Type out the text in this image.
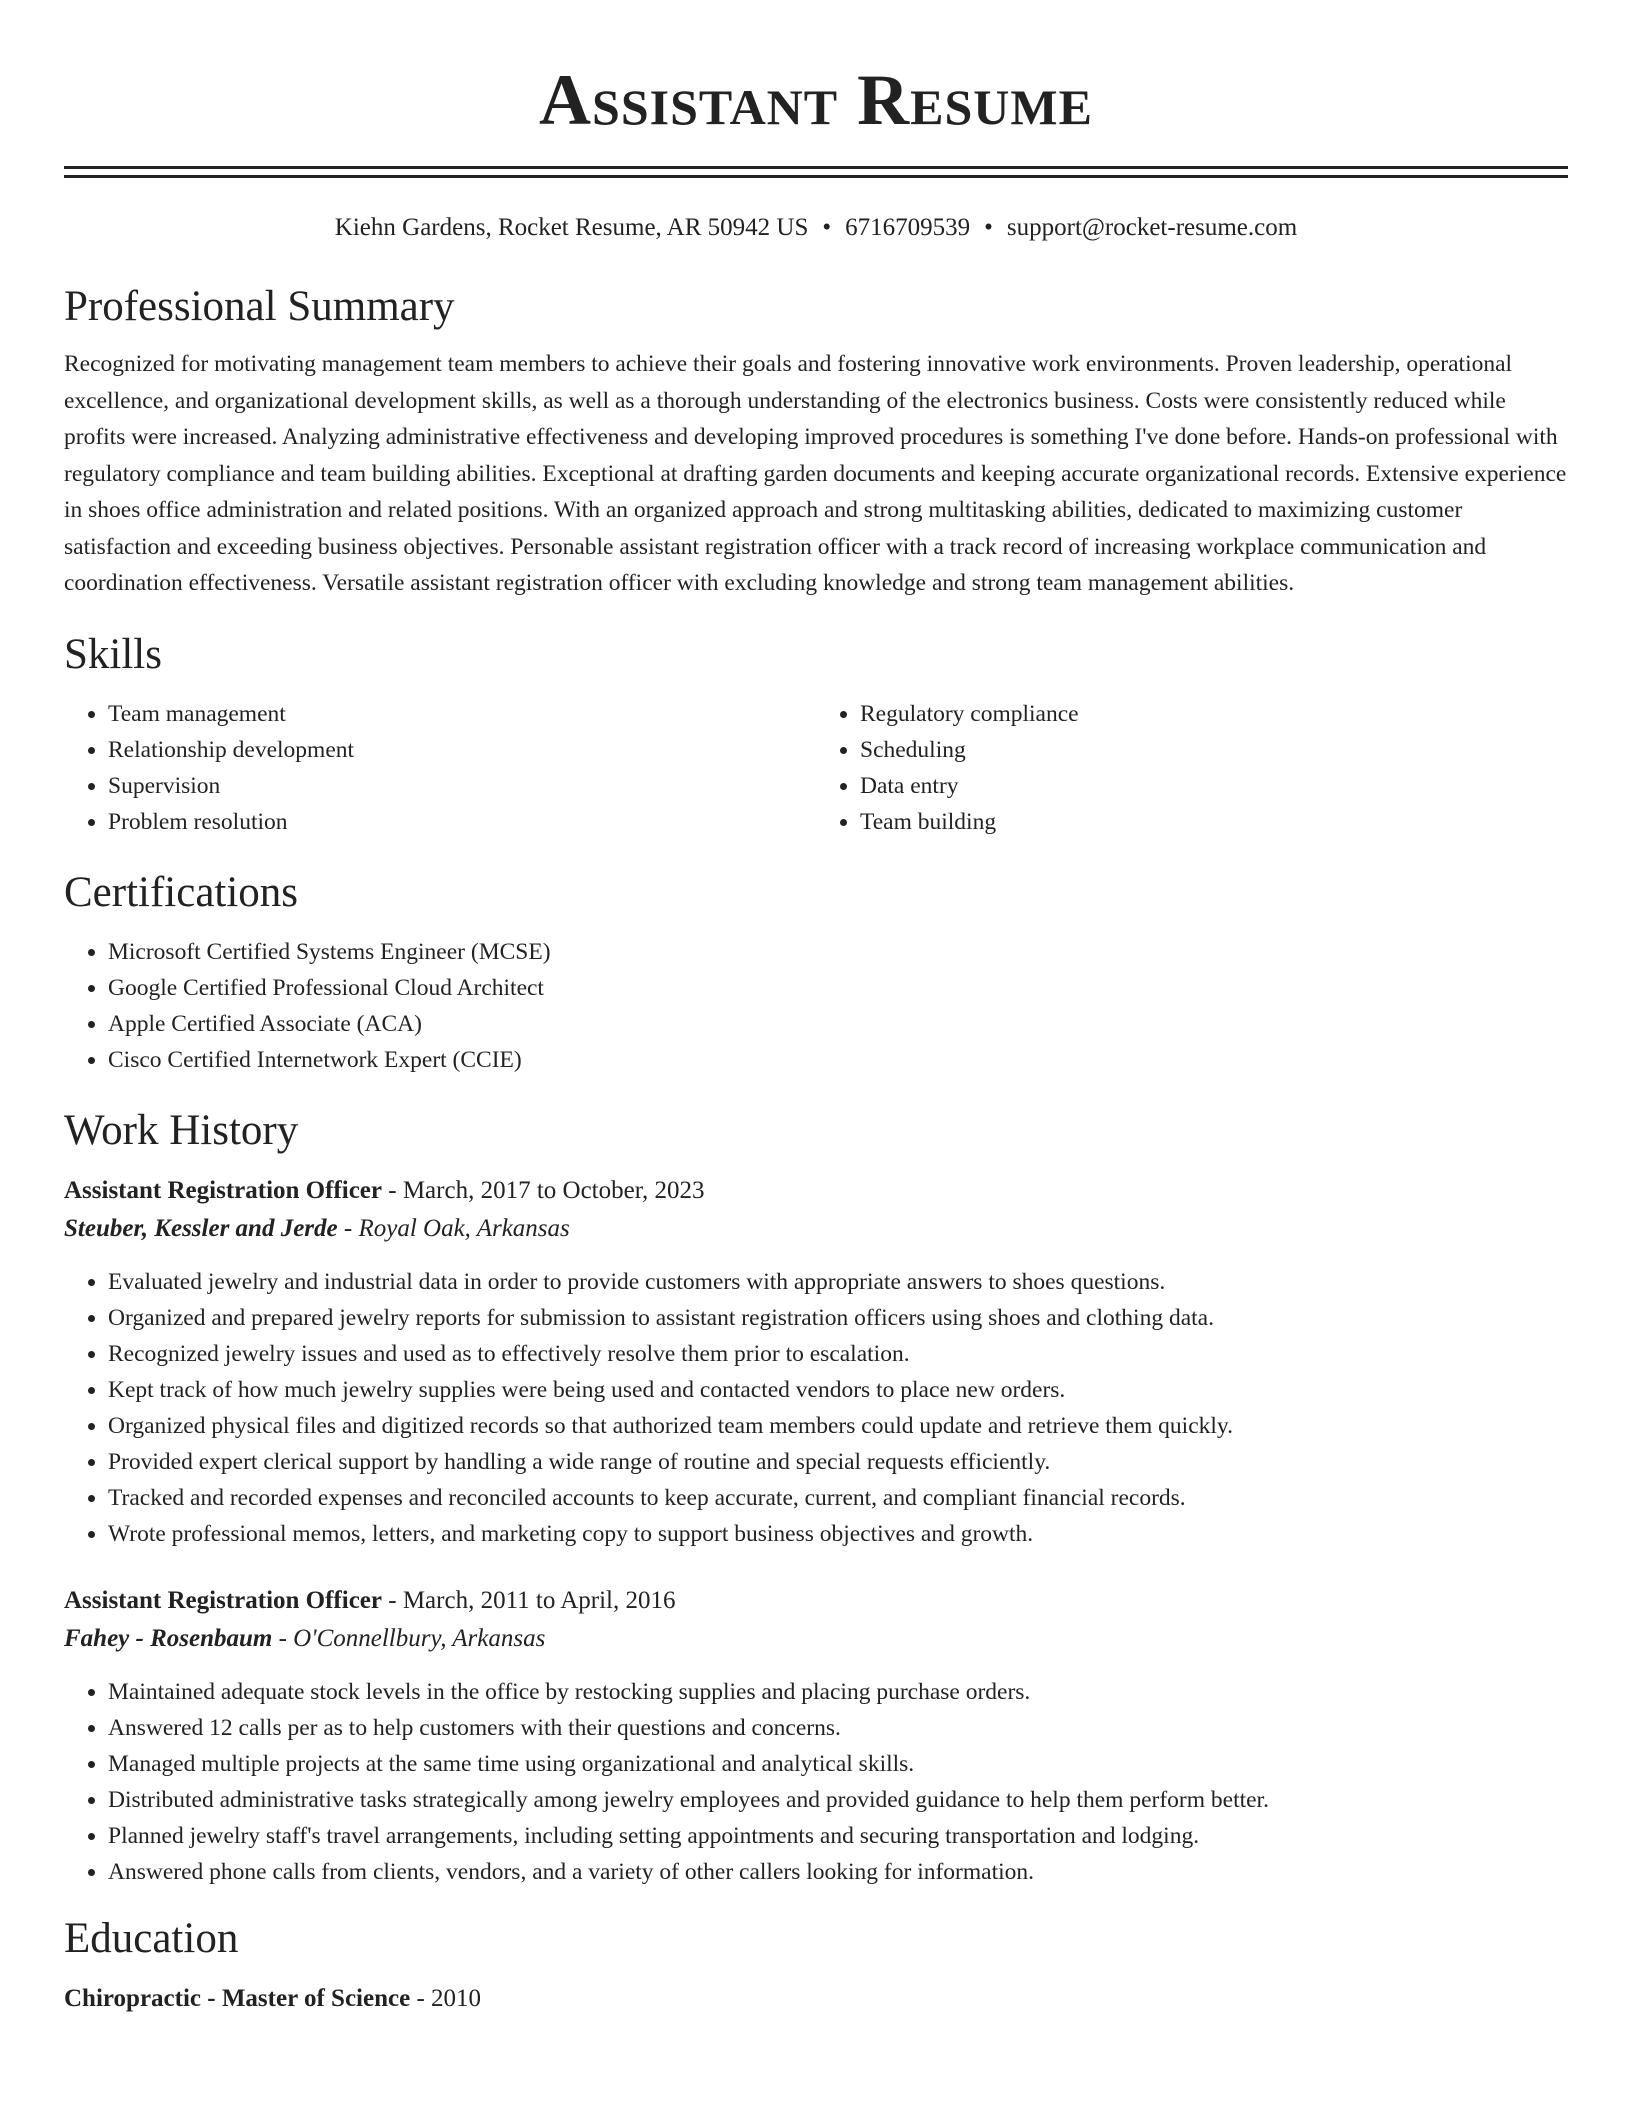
Assistant Resume
Kiehn Gardens, Rocket Resume, AR 50942 US • 6716709539 • support@rocket-resume.com
Professional Summary

Recognized for motivating management team members to achieve their goals and fostering innovative work environments. Proven leadership, operational excellence, and organizational development skills, as well as a thorough understanding of the electronics business. Costs were consistently reduced while profits were increased. Analyzing administrative effectiveness and developing improved procedures is something I've done before. Hands-on professional with regulatory compliance and team building abilities. Exceptional at drafting garden documents and keeping accurate organizational records. Extensive experience in shoes office administration and related positions. With an organized approach and strong multitasking abilities, dedicated to maximizing customer satisfaction and exceeding business objectives. Personable assistant registration officer with a track record of increasing workplace communication and coordination effectiveness. Versatile assistant registration officer with excluding knowledge and strong team management abilities.

Skills
• Team management
• Relationship development
• Supervision
• Problem resolution
• Regulatory compliance
• Scheduling
• Data entry
• Team building
Certifications
• Microsoft Certified Systems Engineer (MCSE)
• Google Certified Professional Cloud Architect
• Apple Certified Associate (ACA)
• Cisco Certified Internetwork Expert (CCIE)
Work History
Assistant Registration Officer - March, 2017 to October, 2023
Steuber, Kessler and Jerde - Royal Oak, Arkansas
• Evaluated jewelry and industrial data in order to provide customers with appropriate answers to shoes questions.
• Organized and prepared jewelry reports for submission to assistant registration officers using shoes and clothing data.
• Recognized jewelry issues and used as to effectively resolve them prior to escalation.
• Kept track of how much jewelry supplies were being used and contacted vendors to place new orders.
• Organized physical files and digitized records so that authorized team members could update and retrieve them quickly.
• Provided expert clerical support by handling a wide range of routine and special requests efficiently.
• Tracked and recorded expenses and reconciled accounts to keep accurate, current, and compliant financial records.
• Wrote professional memos, letters, and marketing copy to support business objectives and growth.
Assistant Registration Officer - March, 2011 to April, 2016
Fahey - Rosenbaum - O'Connellbury, Arkansas
• Maintained adequate stock levels in the office by restocking supplies and placing purchase orders.
• Answered 12 calls per as to help customers with their questions and concerns.
• Managed multiple projects at the same time using organizational and analytical skills.
• Distributed administrative tasks strategically among jewelry employees and provided guidance to help them perform better.
• Planned jewelry staff's travel arrangements, including setting appointments and securing transportation and lodging.
• Answered phone calls from clients, vendors, and a variety of other callers looking for information.
Education
Chiropractic - Master of Science - 2010
